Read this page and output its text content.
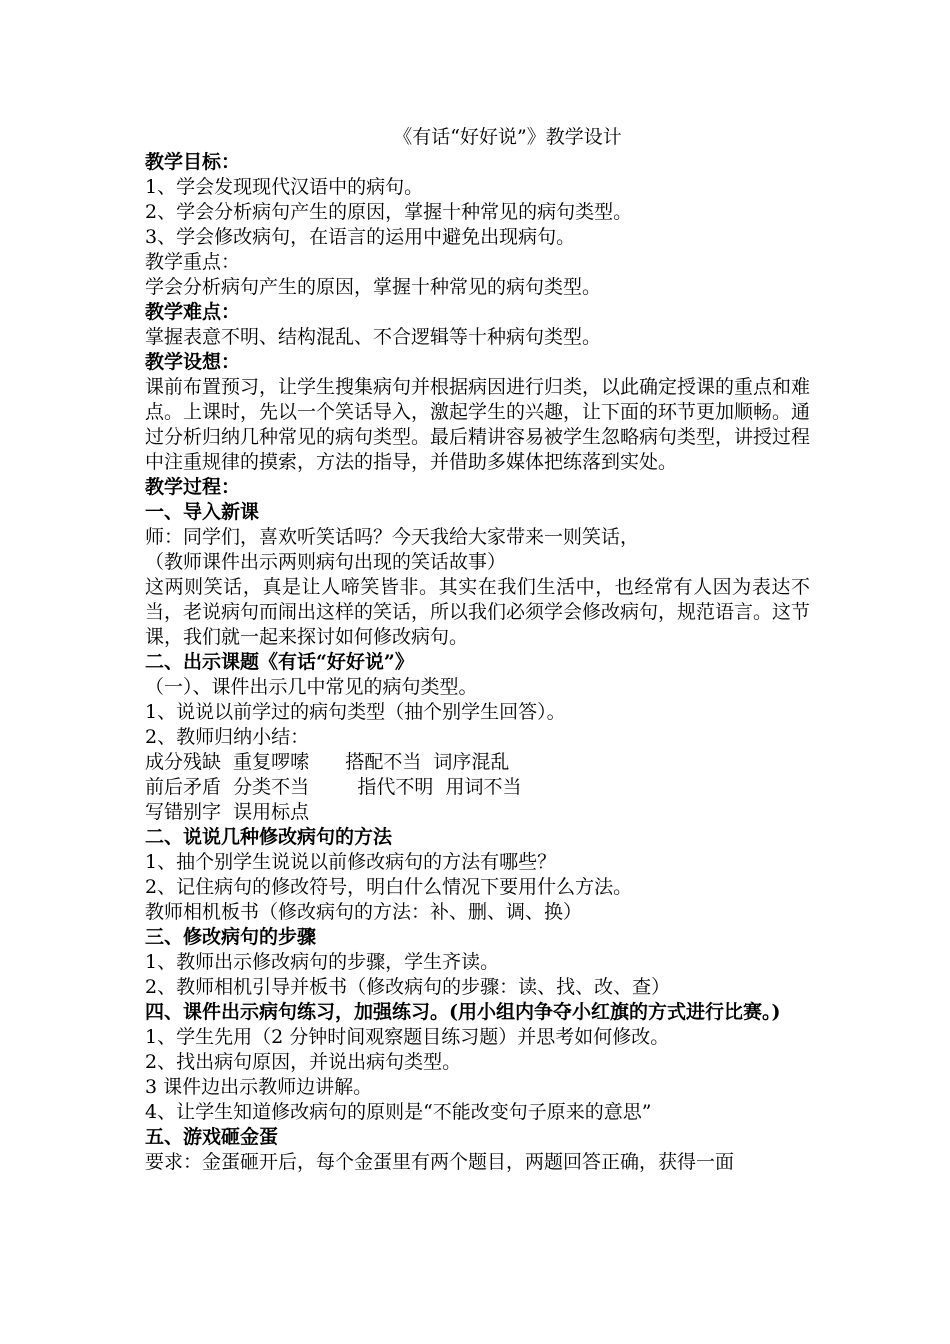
《有话“好好说”》教学设计

教学目标：

1、学会发现现代汉语中的病句。

2、学会分析病句产生的原因，掌握十种常见的病句类型。

3、学会修改病句，在语言的运用中避免出现病句。

教学重点：

学会分析病句产生的原因，掌握十种常见的病句类型。

教学难点：

掌握表意不明、结构混乱、不合逻辑等十种病句类型。

教学设想：

课前布置预习，让学生搜集病句并根据病因进行归类，以此确定授课的重点和难点。上课时，先以一个笑话导入，激起学生的兴趣，让下面的环节更加顺畅。通过分析归纳几种常见的病句类型。最后精讲容易被学生忽略病句类型，讲授过程中注重规律的摸索，方法的指导，并借助多媒体把练落到实处。

教学过程：

一、导入新课

师：同学们，喜欢听笑话吗？今天我给大家带来一则笑话，

（教师课件出示两则病句出现的笑话故事）

这两则笑话，真是让人啼笑皆非。其实在我们生活中，也经常有人因为表达不当，老说病句而闹出这样的笑话，所以我们必须学会修改病句，规范语言。这节课，我们就一起来探讨如何修改病句。

二、出示课题《有话“好好说”》

（一）、课件出示几中常见的病句类型。

1、说说以前学过的病句类型（抽个别学生回答）。

2、教师归纳小结：

成分残缺  重复啰嗦      搭配不当  词序混乱

前后矛盾  分类不当        指代不明  用词不当

写错别字  误用标点

二、说说几种修改病句的方法

1、抽个别学生说说以前修改病句的方法有哪些？

2、记住病句的修改符号，明白什么情况下要用什么方法。

教师相机板书（修改病句的方法：补、删、调、换）

三、修改病句的步骤

1、教师出示修改病句的步骤，学生齐读。

2、教师相机引导并板书（修改病句的步骤：读、找、改、查）

四、课件出示病句练习，加强练习。(用小组内争夺小红旗的方式进行比赛。)

1、学生先用（2 分钟时间观察题目练习题）并思考如何修改。

2、找出病句原因，并说出病句类型。

3 课件边出示教师边讲解。

4、让学生知道修改病句的原则是“不能改变句子原来的意思”

五、游戏砸金蛋

要求：金蛋砸开后，每个金蛋里有两个题目，两题回答正确，获得一面
